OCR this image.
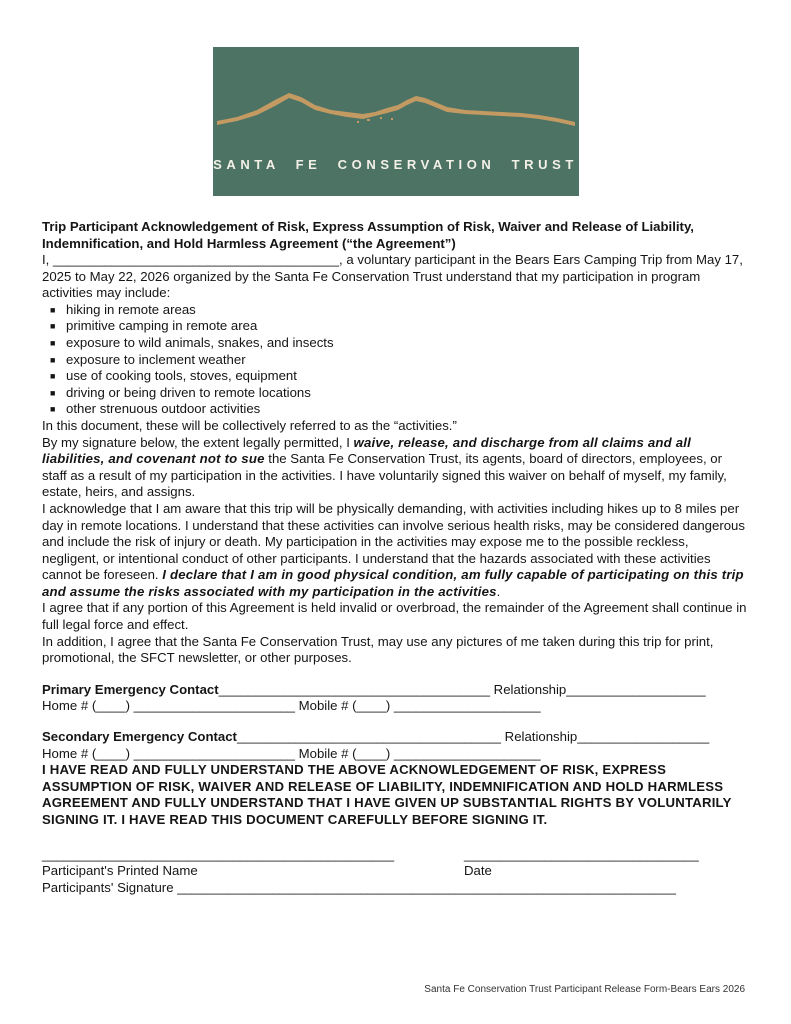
SANTA FE CONSERVATION TRUST

Trip Participant Acknowledgement of Risk, Express Assumption of Risk, Waiver and Release of Liability, Indemnification, and Hold Harmless Agreement (“the Agreement”)

I, _______________________________________, a voluntary participant in the Bears Ears Camping Trip from May 17, 2025 to May 22, 2026 organized by the Santa Fe Conservation Trust understand that my participation in program activities may include:

■ hiking in remote areas
■ primitive camping in remote area
■ exposure to wild animals, snakes, and insects
■ exposure to inclement weather
■ use of cooking tools, stoves, equipment
■ driving or being driven to remote locations
■ other strenuous outdoor activities

In this document, these will be collectively referred to as the “activities.”

By my signature below, the extent legally permitted, I waive, release, and discharge from all claims and all liabilities, and covenant not to sue the Santa Fe Conservation Trust, its agents, board of directors, employees, or staff as a result of my participation in the activities. I have voluntarily signed this waiver on behalf of myself, my family, estate, heirs, and assigns.

I acknowledge that I am aware that this trip will be physically demanding, with activities including hikes up to 8 miles per day in remote locations. I understand that these activities can involve serious health risks, may be considered dangerous and include the risk of injury or death. My participation in the activities may expose me to the possible reckless, negligent, or intentional conduct of other participants. I understand that the hazards associated with these activities cannot be foreseen. I declare that I am in good physical condition, am fully capable of participating on this trip and assume the risks associated with my participation in the activities.

I agree that if any portion of this Agreement is held invalid or overbroad, the remainder of the Agreement shall continue in full legal force and effect.

In addition, I agree that the Santa Fe Conservation Trust, may use any pictures of me taken during this trip for print, promotional, the SFCT newsletter, or other purposes.

Primary Emergency Contact_____________________________________ Relationship___________________

Home # (____) ______________________ Mobile # (____) ____________________

Secondary Emergency Contact____________________________________ Relationship__________________

Home # (____) ______________________ Mobile # (____) ____________________

I HAVE READ AND FULLY UNDERSTAND THE ABOVE ACKNOWLEDGEMENT OF RISK, EXPRESS ASSUMPTION OF RISK, WAIVER AND RELEASE OF LIABILITY, INDEMNIFICATION AND HOLD HARMLESS AGREEMENT AND FULLY UNDERSTAND THAT I HAVE GIVEN UP SUBSTANTIAL RIGHTS BY VOLUNTARILY SIGNING IT. I HAVE READ THIS DOCUMENT CAREFULLY BEFORE SIGNING IT.

________________________________________________

Participant's Printed Name

________________________________

Date

Participants' Signature ____________________________________________________________________

Santa Fe Conservation Trust Participant Release Form-Bears Ears 2026
